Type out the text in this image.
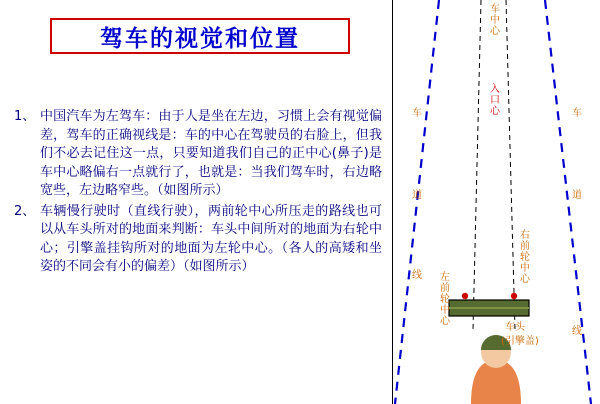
驾车的视觉和位置
1、 中国汽车为左驾车：由于人是坐在左边，习惯上会有视觉偏差，驾车的正确视线是：车的中心在驾驶员的右脸上，但我们不必去记住这一点，只要知道我们自己的正中心(鼻子)是车中心略偏右一点就行了，也就是：当我们驾车时，右边略宽些，左边略窄些。（如图所示）
2、 车辆慢行驶时（直线行驶），两前轮中心所压走的路线也可以从车头所对的地面来判断：车头中间所对的地面为右轮中心；引擎盖挂钩所对的地面为左轮中心。（各人的高矮和坐姿的不同会有小的偏差）（如图所示）
车中心
入口心
车
道
线
车
道
线
右前轮中心
左前轮中心
车头
(引擎盖)
